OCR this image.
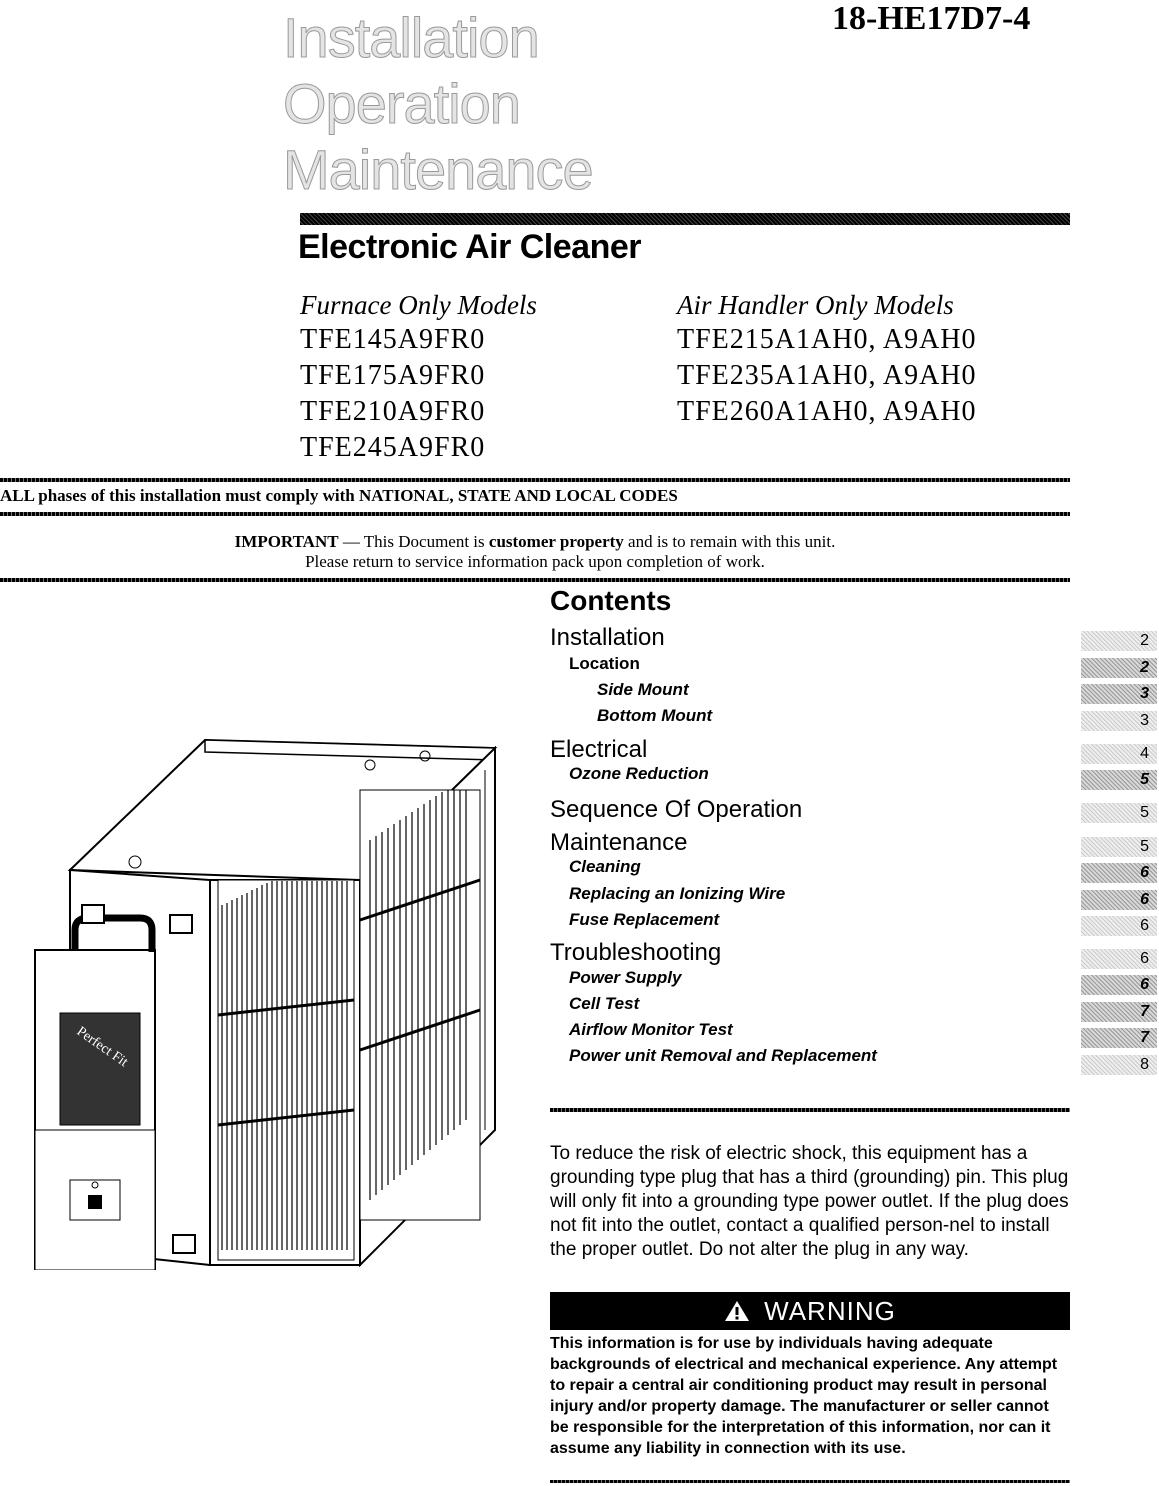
Installation
Operation
Maintenance
18-HE17D7-4
Electronic Air Cleaner
Furnace Only Models	Air Handler Only Models
TFE145A9FR0
TFE175A9FR0
TFE210A9FR0
TFE245A9FR0
TFE215A1AH0, A9AH0
TFE235A1AH0, A9AH0
TFE260A1AH0, A9AH0
ALL phases of this installation must comply with NATIONAL, STATE AND LOCAL CODES
IMPORTANT — This Document is customer property and is to remain with this unit.
Please return to service information pack upon completion of work.
Perfect Fit
Contents
Installation
Location
Side Mount
Bottom Mount
Electrical
Ozone Reduction
Sequence Of Operation
Maintenance
Cleaning
Replacing an Ionizing Wire
Fuse Replacement
Troubleshooting
Power Supply
Cell Test
Airflow Monitor Test
Power unit Removal and Replacement
2
2
3
3
4
5
5
5
6
6
6
6
6
7
7
8
To reduce the risk of electric shock, this equipment has a grounding type plug that has a third (grounding) pin. This plug will only fit into a grounding type power outlet. If the plug does not fit into the outlet, contact a qualified person-nel to install the proper outlet. Do not alter the plug in any way.
WARNING
This information is for use by individuals having adequate backgrounds of electrical and mechanical experience. Any attempt to repair a central air conditioning product may result in personal injury and/or property damage. The manufacturer or seller cannot be responsible for the interpretation of this information, nor can it assume any liability in connection with its use.
